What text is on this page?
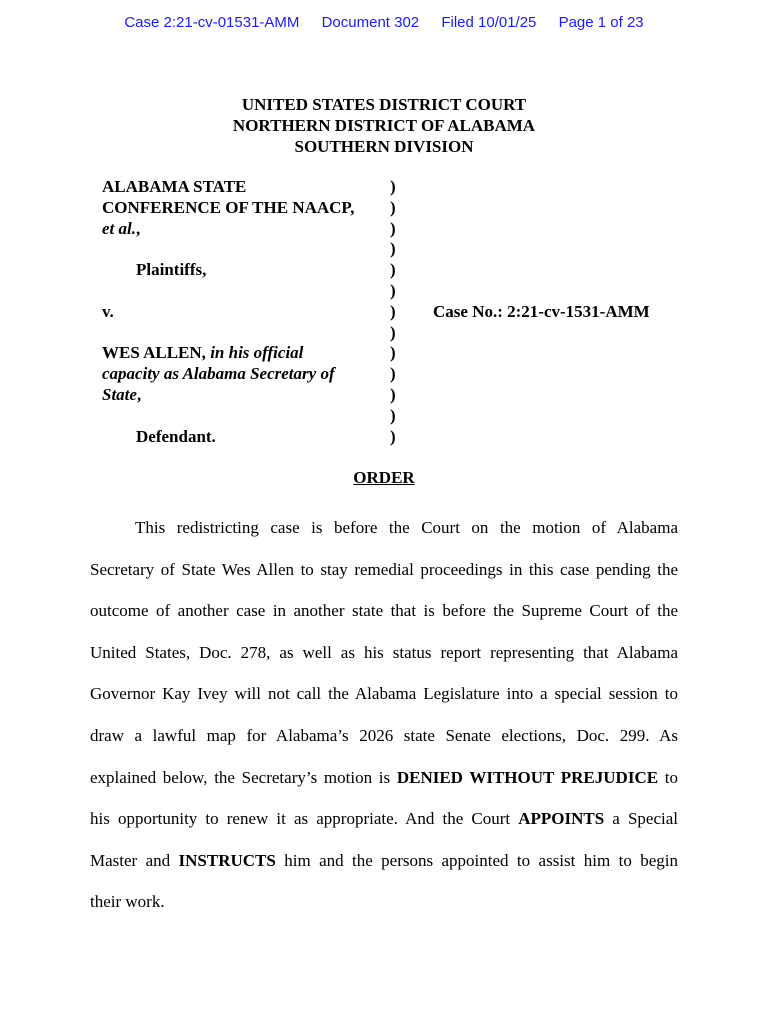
Case 2:21-cv-01531-AMM Document 302 Filed 10/01/25 Page 1 of 23
UNITED STATES DISTRICT COURT
NORTHERN DISTRICT OF ALABAMA
SOUTHERN DIVISION
ALABAMA STATE
CONFERENCE OF THE NAACP,
et al.,
Plaintiffs,
v.
WES ALLEN, in his official
capacity as Alabama Secretary of
State,
Defendant.
)
)
)
)
)
)
)
)
)
)
)
)
)
Case No.: 2:21-cv-1531-AMM
ORDER
This redistricting case is before the Court on the motion of Alabama
Secretary of State Wes Allen to stay remedial proceedings in this case pending the
outcome of another case in another state that is before the Supreme Court of the
United States, Doc. 278, as well as his status report representing that Alabama
Governor Kay Ivey will not call the Alabama Legislature into a special session to
draw a lawful map for Alabama’s 2026 state Senate elections, Doc. 299. As
explained below, the Secretary’s motion is DENIED WITHOUT PREJUDICE to
his opportunity to renew it as appropriate. And the Court APPOINTS a Special
Master and INSTRUCTS him and the persons appointed to assist him to begin
their work.
